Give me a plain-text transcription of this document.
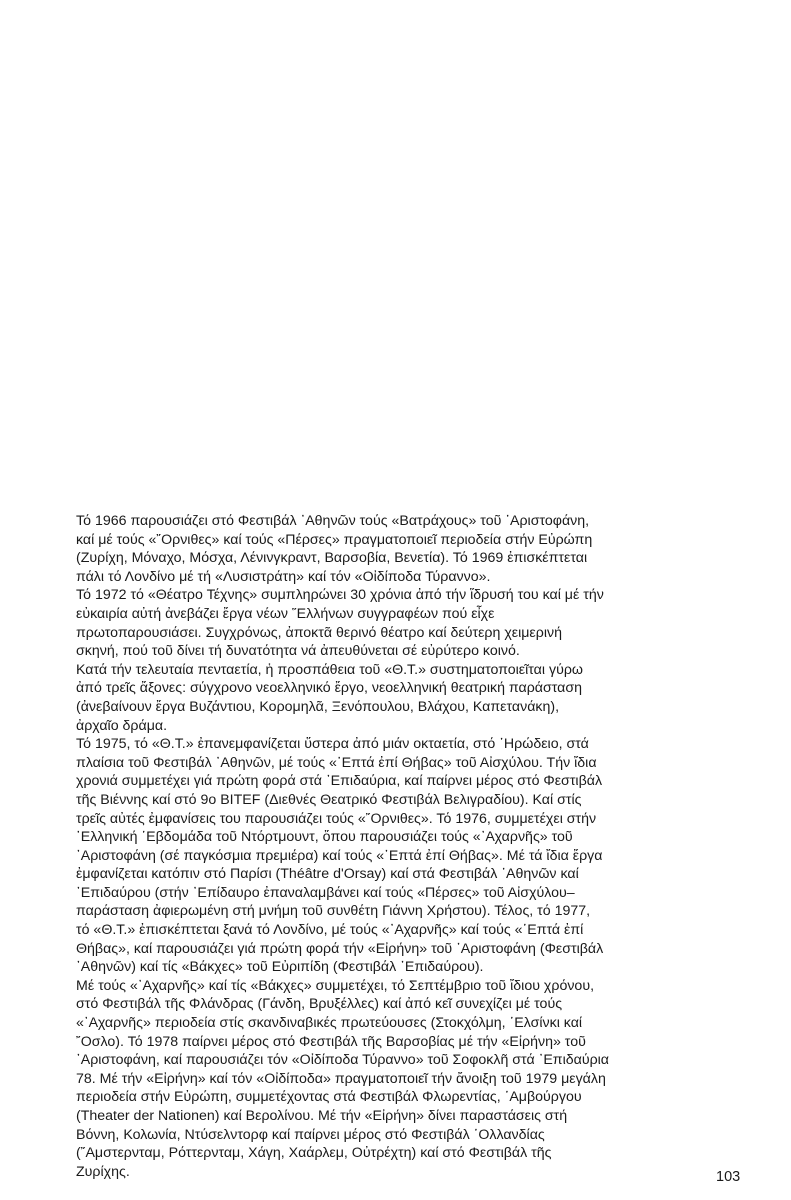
Τό 1966 παρουσιάζει στό Φεστιβάλ ᾿Αθηνῶν τούς «Βατράχους» τοῦ ᾿Αριστοφάνη,
καί μέ τούς «῎Ορνιθες» καί τούς «Πέρσες» πραγματοποιεῖ περιοδεία στήν Εὐρώπη
(Ζυρίχη, Μόναχο, Μόσχα, Λένινγκραντ, Βαρσοβία, Βενετία). Τό 1969 ἐπισκέπτεται
πάλι τό Λονδίνο μέ τή «Λυσιστράτη» καί τόν «Οἰδίποδα Τύραννο».
Τό 1972 τό «Θέατρο Τέχνης» συμπληρώνει 30 χρόνια ἀπό τήν ἵδρυσή του καί μέ τήν
εὐκαιρία αὐτή ἀνεβάζει ἔργα νέων ῞Ελλήνων συγγραφέων πού εἶχε
πρωτοπαρουσιάσει. Συγχρόνως, ἀποκτᾶ θερινό θέατρο καί δεύτερη χειμερινή
σκηνή, πού τοῦ δίνει τή δυνατότητα νά ἀπευθύνεται σέ εὐρύτερο κοινό.
Κατά τήν τελευταία πενταετία, ἡ προσπάθεια τοῦ «Θ.Τ.» συστηματοποιεῖται γύρω
ἀπό τρεῖς ἄξονες: σύγχρονο νεοελληνικό ἔργο, νεοελληνική θεατρική παράσταση
(ἀνεβαίνουν ἔργα Βυζάντιου, Κορομηλᾶ, Ξενόπουλου, Βλάχου, Καπετανάκη),
ἀρχαῖο δράμα.
Τό 1975, τό «Θ.Τ.» ἐπανεμφανίζεται ὕστερα ἀπό μιάν οκταετία, στό ῾Ηρώδειο, στά
πλαίσια τοῦ Φεστιβάλ ᾿Αθηνῶν, μέ τούς «῾Επτά ἐπί Θήβας» τοῦ Αἰσχύλου. Τήν ἴδια
χρονιά συμμετέχει γιά πρώτη φορά στά ᾿Επιδαύρια, καί παίρνει μέρος στό Φεστιβάλ
τῆς Βιέννης καί στό 9ο BITEF (Διεθνές Θεατρικό Φεστιβάλ Βελιγραδίου). Καί στίς
τρεῖς αὐτές ἐμφανίσεις του παρουσιάζει τούς «῎Ορνιθες». Τό 1976, συμμετέχει στήν
῾Ελληνική ῾Εβδομάδα τοῦ Ντόρτμουντ, ὅπου παρουσιάζει τούς «᾿Αχαρνῆς» τοῦ
᾿Αριστοφάνη (σέ παγκόσμια πρεμιέρα) καί τούς «῾Επτά ἐπί Θήβας». Μέ τά ἴδια ἔργα
ἐμφανίζεται κατόπιν στό Παρίσι (Théâtre d'Orsay) καί στά Φεστιβάλ ᾿Αθηνῶν καί
᾿Επιδαύρου (στήν ᾿Επίδαυρο ἐπαναλαμβάνει καί τούς «Πέρσες» τοῦ Αἰσχύλου–
παράσταση ἀφιερωμένη στή μνήμη τοῦ συνθέτη Γιάννη Χρήστου). Τέλος, τό 1977,
τό «Θ.Τ.» ἐπισκέπτεται ξανά τό Λονδίνο, μέ τούς «᾿Αχαρνῆς» καί τούς «῾Επτά ἐπί
Θήβας», καί παρουσιάζει γιά πρώτη φορά τήν «Εἰρήνη» τοῦ ᾿Αριστοφάνη (Φεστιβάλ
᾿Αθηνῶν) καί τίς «Βάκχες» τοῦ Εὐριπίδη (Φεστιβάλ ᾿Επιδαύρου).
Μέ τούς «᾿Αχαρνῆς» καί τίς «Βάκχες» συμμετέχει, τό Σεπτέμβριο τοῦ ἴδιου χρόνου,
στό Φεστιβάλ τῆς Φλάνδρας (Γάνδη, Βρυξέλλες) καί ἀπό κεῖ συνεχίζει μέ τούς
«᾿Αχαρνῆς» περιοδεία στίς σκανδιναβικές πρωτεύουσες (Στοκχόλμη, ῾Ελσίνκι καί
῎Οσλο). Τό 1978 παίρνει μέρος στό Φεστιβάλ τῆς Βαρσοβίας μέ τήν «Εἰρήνη» τοῦ
᾿Αριστοφάνη, καί παρουσιάζει τόν «Οἰδίποδα Τύραννο» τοῦ Σοφοκλῆ στά ᾿Επιδαύρια
78. Μέ τήν «Εἰρήνη» καί τόν «Οἰδίποδα» πραγματοποιεῖ τήν ἄνοιξη τοῦ 1979 μεγάλη
περιοδεία στήν Εὐρώπη, συμμετέχοντας στά Φεστιβάλ Φλωρεντίας, ῾Αμβούργου
(Theater der Nationen) καί Βερολίνου. Μέ τήν «Εἰρήνη» δίνει παραστάσεις στή
Βόννη, Κολωνία, Ντύσελντορφ καί παίρνει μέρος στό Φεστιβάλ ῾Ολλανδίας
(῎Αμστερνταμ, Ρόττερνταμ, Χάγη, Χαάρλεμ, Οὐτρέχτη) καί στό Φεστιβάλ τῆς
Ζυρίχης.	103
